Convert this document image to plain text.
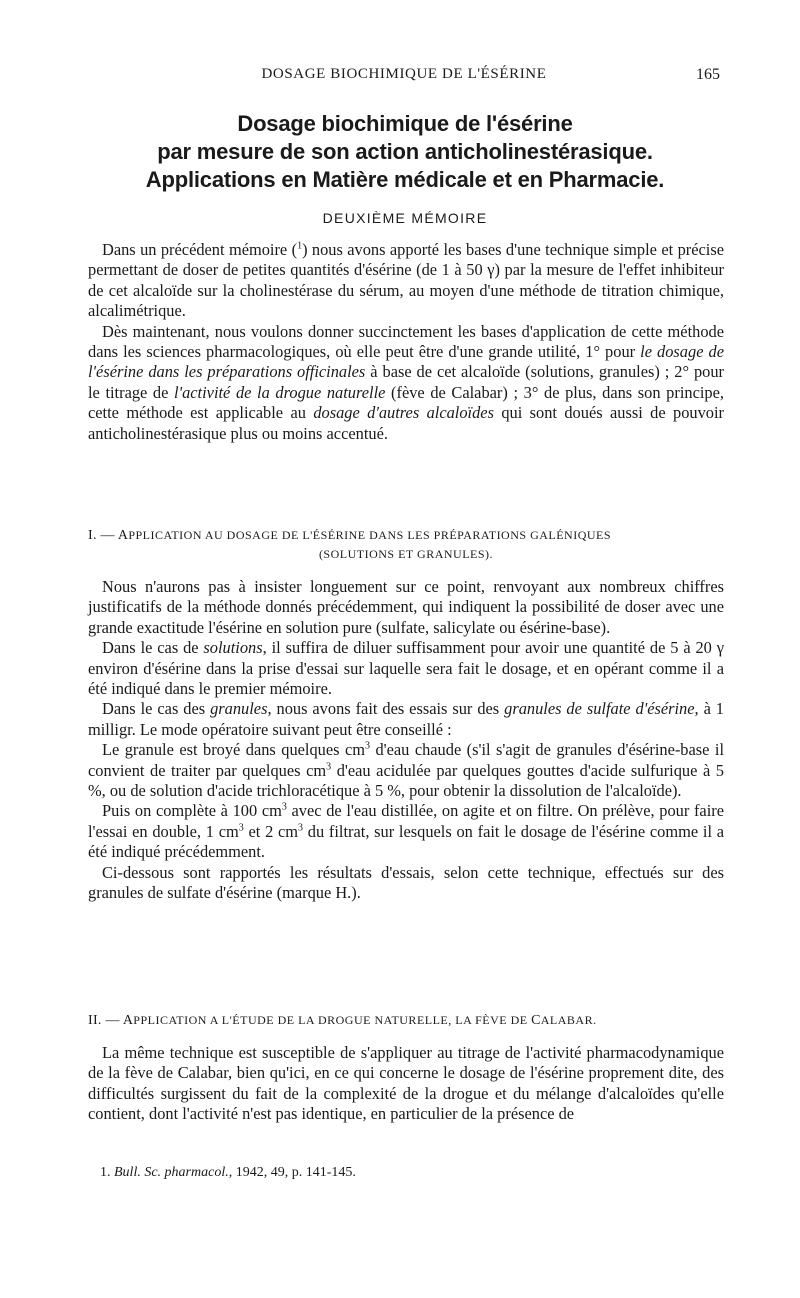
DOSAGE BIOCHIMIQUE DE L'ÉSÉRINE	165
Dosage biochimique de l'ésérine
par mesure de son action anticholinestérasique.
Applications en Matière médicale et en Pharmacie.
DEUXIÈME MÉMOIRE

Dans un précédent mémoire ($^1$) nous avons apporté les bases d'une technique simple et précise permettant de doser de petites quantités d'ésérine (de 1 à 50 γ) par la mesure de l'effet inhibiteur de cet alcaloïde sur la cholinestérase du sérum, au moyen d'une méthode de titration chimique, alcalimétrique.

Dès maintenant, nous voulons donner succinctement les bases d'application de cette méthode dans les sciences pharmacologiques, où elle peut être d'une grande utilité, 1° pour le dosage de l'ésérine dans les préparations officinales à base de cet alcaloïde (solutions, granules) ; 2° pour le titrage de l'activité de la drogue naturelle (fève de Calabar) ; 3° de plus, dans son principe, cette méthode est applicable au dosage d'autres alcaloïdes qui sont doués aussi de pouvoir anticholinestérasique plus ou moins accentué.

I. — APPLICATION AU DOSAGE DE L'ÉSÉRINE DANS LES PRÉPARATIONS GALÉNIQUES
(SOLUTIONS ET GRANULES).

Nous n'aurons pas à insister longuement sur ce point, renvoyant aux nombreux chiffres justificatifs de la méthode donnés précédemment, qui indiquent la possibilité de doser avec une grande exactitude l'ésérine en solution pure (sulfate, salicylate ou ésérine-base).

Dans le cas de solutions, il suffira de diluer suffisamment pour avoir une quantité de 5 à 20 γ environ d'ésérine dans la prise d'essai sur laquelle sera fait le dosage, et en opérant comme il a été indiqué dans le premier mémoire.

Dans le cas des granules, nous avons fait des essais sur des granules de sulfate d'ésérine, à 1 milligr. Le mode opératoire suivant peut être conseillé :

Le granule est broyé dans quelques $cm^3$ d'eau chaude (s'il s'agit de granules d'ésérine-base il convient de traiter par quelques $cm^3$ d'eau acidulée par quelques gouttes d'acide sulfurique à 5 %, ou de solution d'acide trichloracétique à 5 %, pour obtenir la dissolution de l'alcaloïde).

Puis on complète à 100 $cm^3$ avec de l'eau distillée, on agite et on filtre. On prélève, pour faire l'essai en double, 1 $cm^3$ et 2 $cm^3$ du filtrat, sur lesquels on fait le dosage de l'ésérine comme il a été indiqué précédemment.

Ci-dessous sont rapportés les résultats d'essais, selon cette technique, effectués sur des granules de sulfate d'ésérine (marque H.).

II. — APPLICATION A L'ÉTUDE DE LA DROGUE NATURELLE, LA FÈVE DE CALABAR.

La même technique est susceptible de s'appliquer au titrage de l'activité pharmacodynamique de la fève de Calabar, bien qu'ici, en ce qui concerne le dosage de l'ésérine proprement dite, des difficultés surgissent du fait de la complexité de la drogue et du mélange d'alcaloïdes qu'elle contient, dont l'activité n'est pas identique, en particulier de la présence de

1. Bull. Sc. pharmacol., 1942, 49, p. 141-145.
